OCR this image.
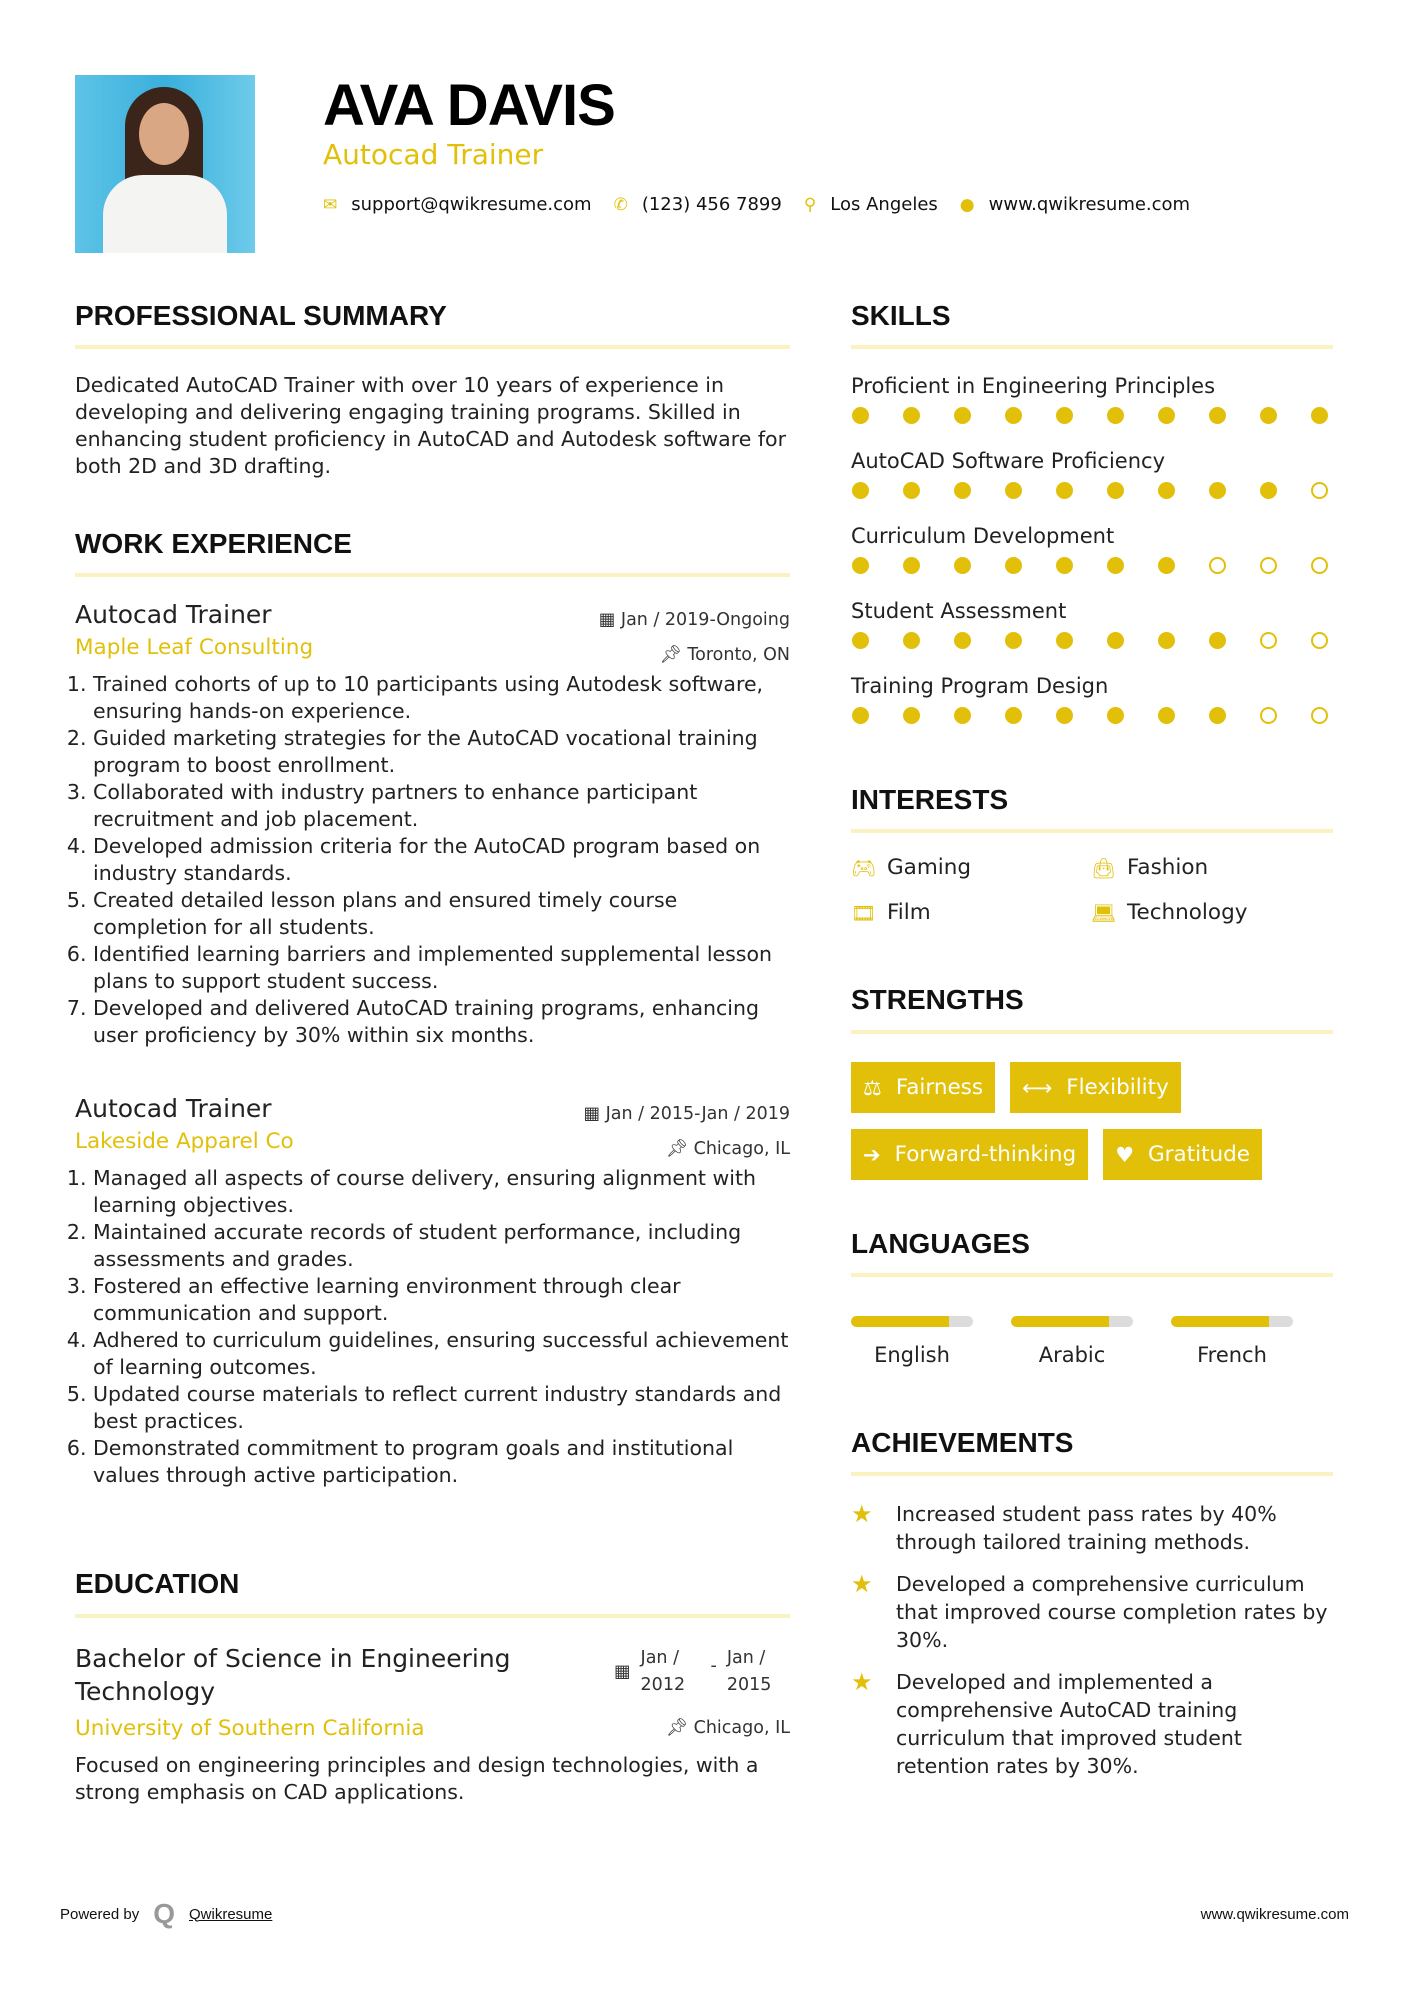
AVA DAVIS
Autocad Trainer
✉ support@qwikresume.com ✆ (123) 456 7899 ⚲ Los Angeles ● www.qwikresume.com
PROFESSIONAL SUMMARY
Dedicated AutoCAD Trainer with over 10 years of experience in developing and delivering engaging training programs. Skilled in enhancing student proficiency in AutoCAD and Autodesk software for both 2D and 3D drafting.
WORK EXPERIENCE
Autocad Trainer	▦ Jan / 2019-Ongoing
Maple Leaf Consulting	📌︎ Toronto, ON
1. Trained cohorts of up to 10 participants using Autodesk software, ensuring hands-on experience.
2. Guided marketing strategies for the AutoCAD vocational training program to boost enrollment.
3. Collaborated with industry partners to enhance participant recruitment and job placement.
4. Developed admission criteria for the AutoCAD program based on industry standards.
5. Created detailed lesson plans and ensured timely course completion for all students.
6. Identified learning barriers and implemented supplemental lesson plans to support student success.
7. Developed and delivered AutoCAD training programs, enhancing user proficiency by 30% within six months.
Autocad Trainer	▦ Jan / 2015-Jan / 2019
Lakeside Apparel Co	📌︎ Chicago, IL
1. Managed all aspects of course delivery, ensuring alignment with learning objectives.
2. Maintained accurate records of student performance, including assessments and grades.
3. Fostered an effective learning environment through clear communication and support.
4. Adhered to curriculum guidelines, ensuring successful achievement of learning outcomes.
5. Updated course materials to reflect current industry standards and best practices.
6. Demonstrated commitment to program goals and institutional values through active participation.
EDUCATION
Bachelor of Science in Engineering Technology
▦
Jan / 2012
- Jan / 2015
University of Southern California	📌︎ Chicago, IL
Focused on engineering principles and design technologies, with a strong emphasis on CAD applications.
SKILLS
Proficient in Engineering Principles
AutoCAD Software Proficiency
Curriculum Development
Student Assessment
Training Program Design
INTERESTS
🎮︎ Gaming	👜︎ Fashion
🎞︎ Film	💻︎ Technology
STRENGTHS
⚖ Fairness ⟷ Flexibility
➔ Forward-thinking ♥ Gratitude
LANGUAGES
English	Arabic	French
ACHIEVEMENTS
★	Increased student pass rates by 40% through tailored training methods.
★	Developed a comprehensive curriculum that improved course completion rates by 30%.
★	Developed and implemented a comprehensive AutoCAD training curriculum that improved student retention rates by 30%.
Powered by Q Qwikresume	www.qwikresume.com
